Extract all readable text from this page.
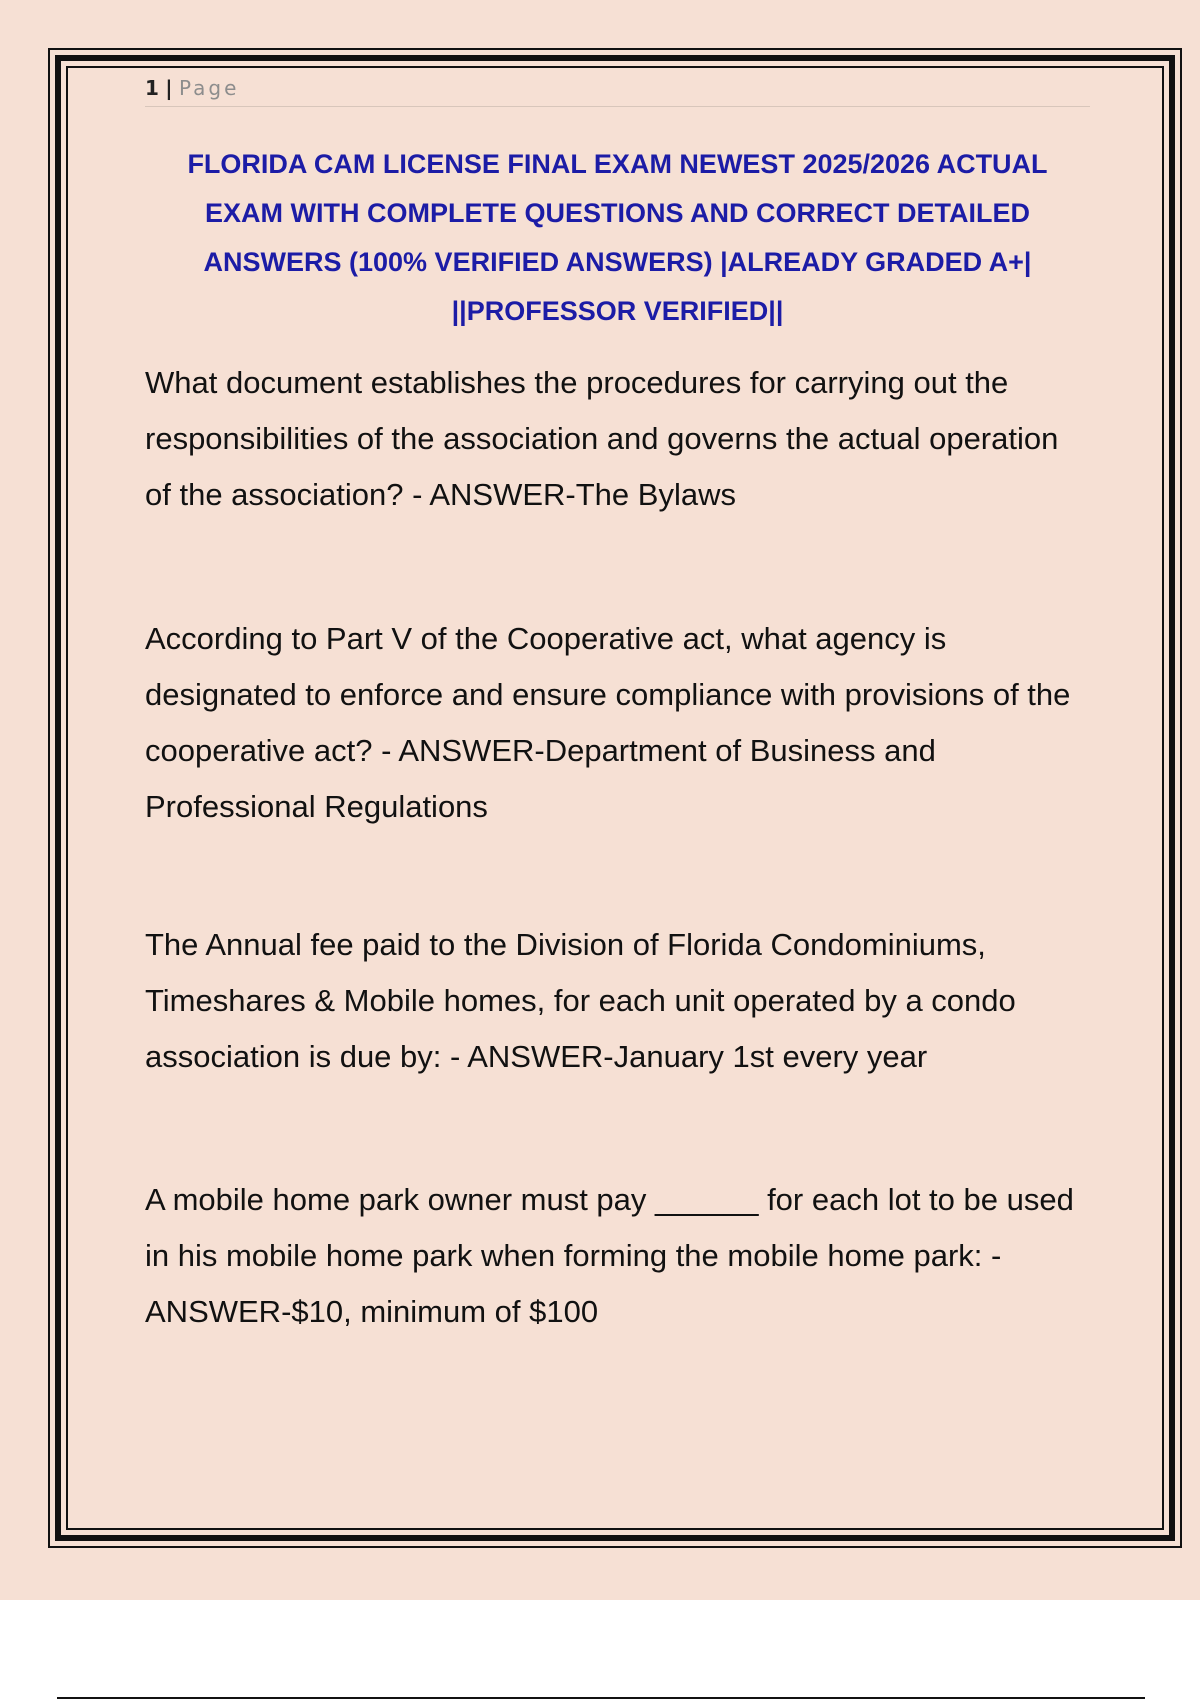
1 | Page
FLORIDA CAM LICENSE FINAL EXAM NEWEST 2025/2026 ACTUAL EXAM WITH COMPLETE QUESTIONS AND CORRECT DETAILED ANSWERS (100% VERIFIED ANSWERS) |ALREADY GRADED A+| ||PROFESSOR VERIFIED||

What document establishes the procedures for carrying out the responsibilities of the association and governs the actual operation of the association? - ANSWER-The Bylaws

According to Part V of the Cooperative act, what agency is designated to enforce and ensure compliance with provisions of the cooperative act? - ANSWER-Department of Business and Professional Regulations

The Annual fee paid to the Division of Florida Condominiums, Timeshares & Mobile homes, for each unit operated by a condo association is due by: - ANSWER-January 1st every year

A mobile home park owner must pay ______ for each lot to be used in his mobile home park when forming the mobile home park: - ANSWER-$10, minimum of $100
